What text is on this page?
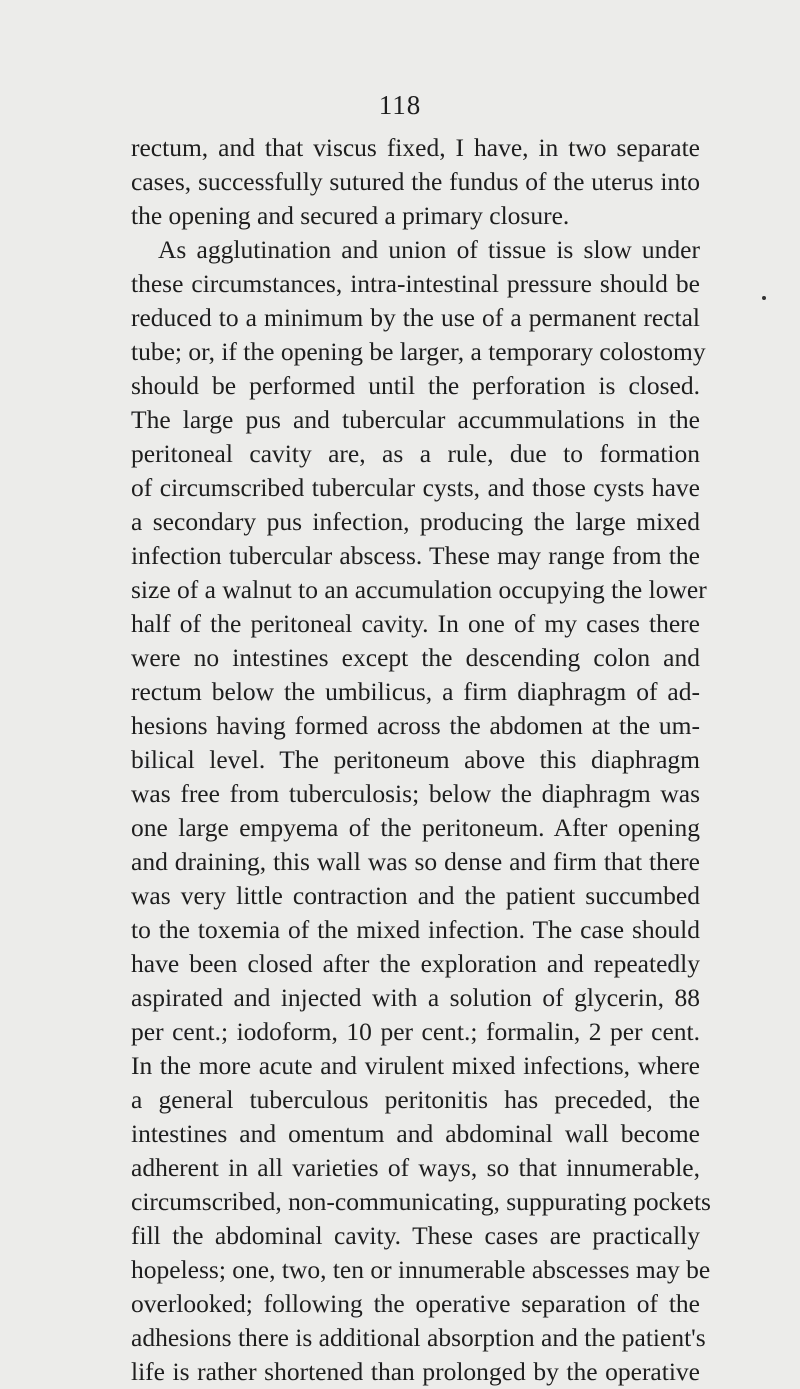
118
rectum, and that viscus fixed, I have, in two separate
cases, successfully sutured the fundus of the uterus into
the opening and secured a primary closure.
As agglutination and union of tissue is slow under
these circumstances, intra-intestinal pressure should be
reduced to a minimum by the use of a permanent rectal
tube; or, if the opening be larger, a temporary colostomy
should be performed until the perforation is closed.
The large pus and tubercular accummulations in the
peritoneal cavity are, as a rule, due to formation
of circumscribed tubercular cysts, and those cysts have
a secondary pus infection, producing the large mixed
infection tubercular abscess. These may range from the
size of a walnut to an accumulation occupying the lower
half of the peritoneal cavity. In one of my cases there
were no intestines except the descending colon and
rectum below the umbilicus, a firm diaphragm of ad-
hesions having formed across the abdomen at the um-
bilical level. The peritoneum above this diaphragm
was free from tuberculosis; below the diaphragm was
one large empyema of the peritoneum. After opening
and draining, this wall was so dense and firm that there
was very little contraction and the patient succumbed
to the toxemia of the mixed infection. The case should
have been closed after the exploration and repeatedly
aspirated and injected with a solution of glycerin, 88
per cent.; iodoform, 10 per cent.; formalin, 2 per cent.
In the more acute and virulent mixed infections, where
a general tuberculous peritonitis has preceded, the
intestines and omentum and abdominal wall become
adherent in all varieties of ways, so that innumerable,
circumscribed, non-communicating, suppurating pockets
fill the abdominal cavity. These cases are practically
hopeless; one, two, ten or innumerable abscesses may be
overlooked; following the operative separation of the
adhesions there is additional absorption and the patient's
life is rather shortened than prolonged by the operative
